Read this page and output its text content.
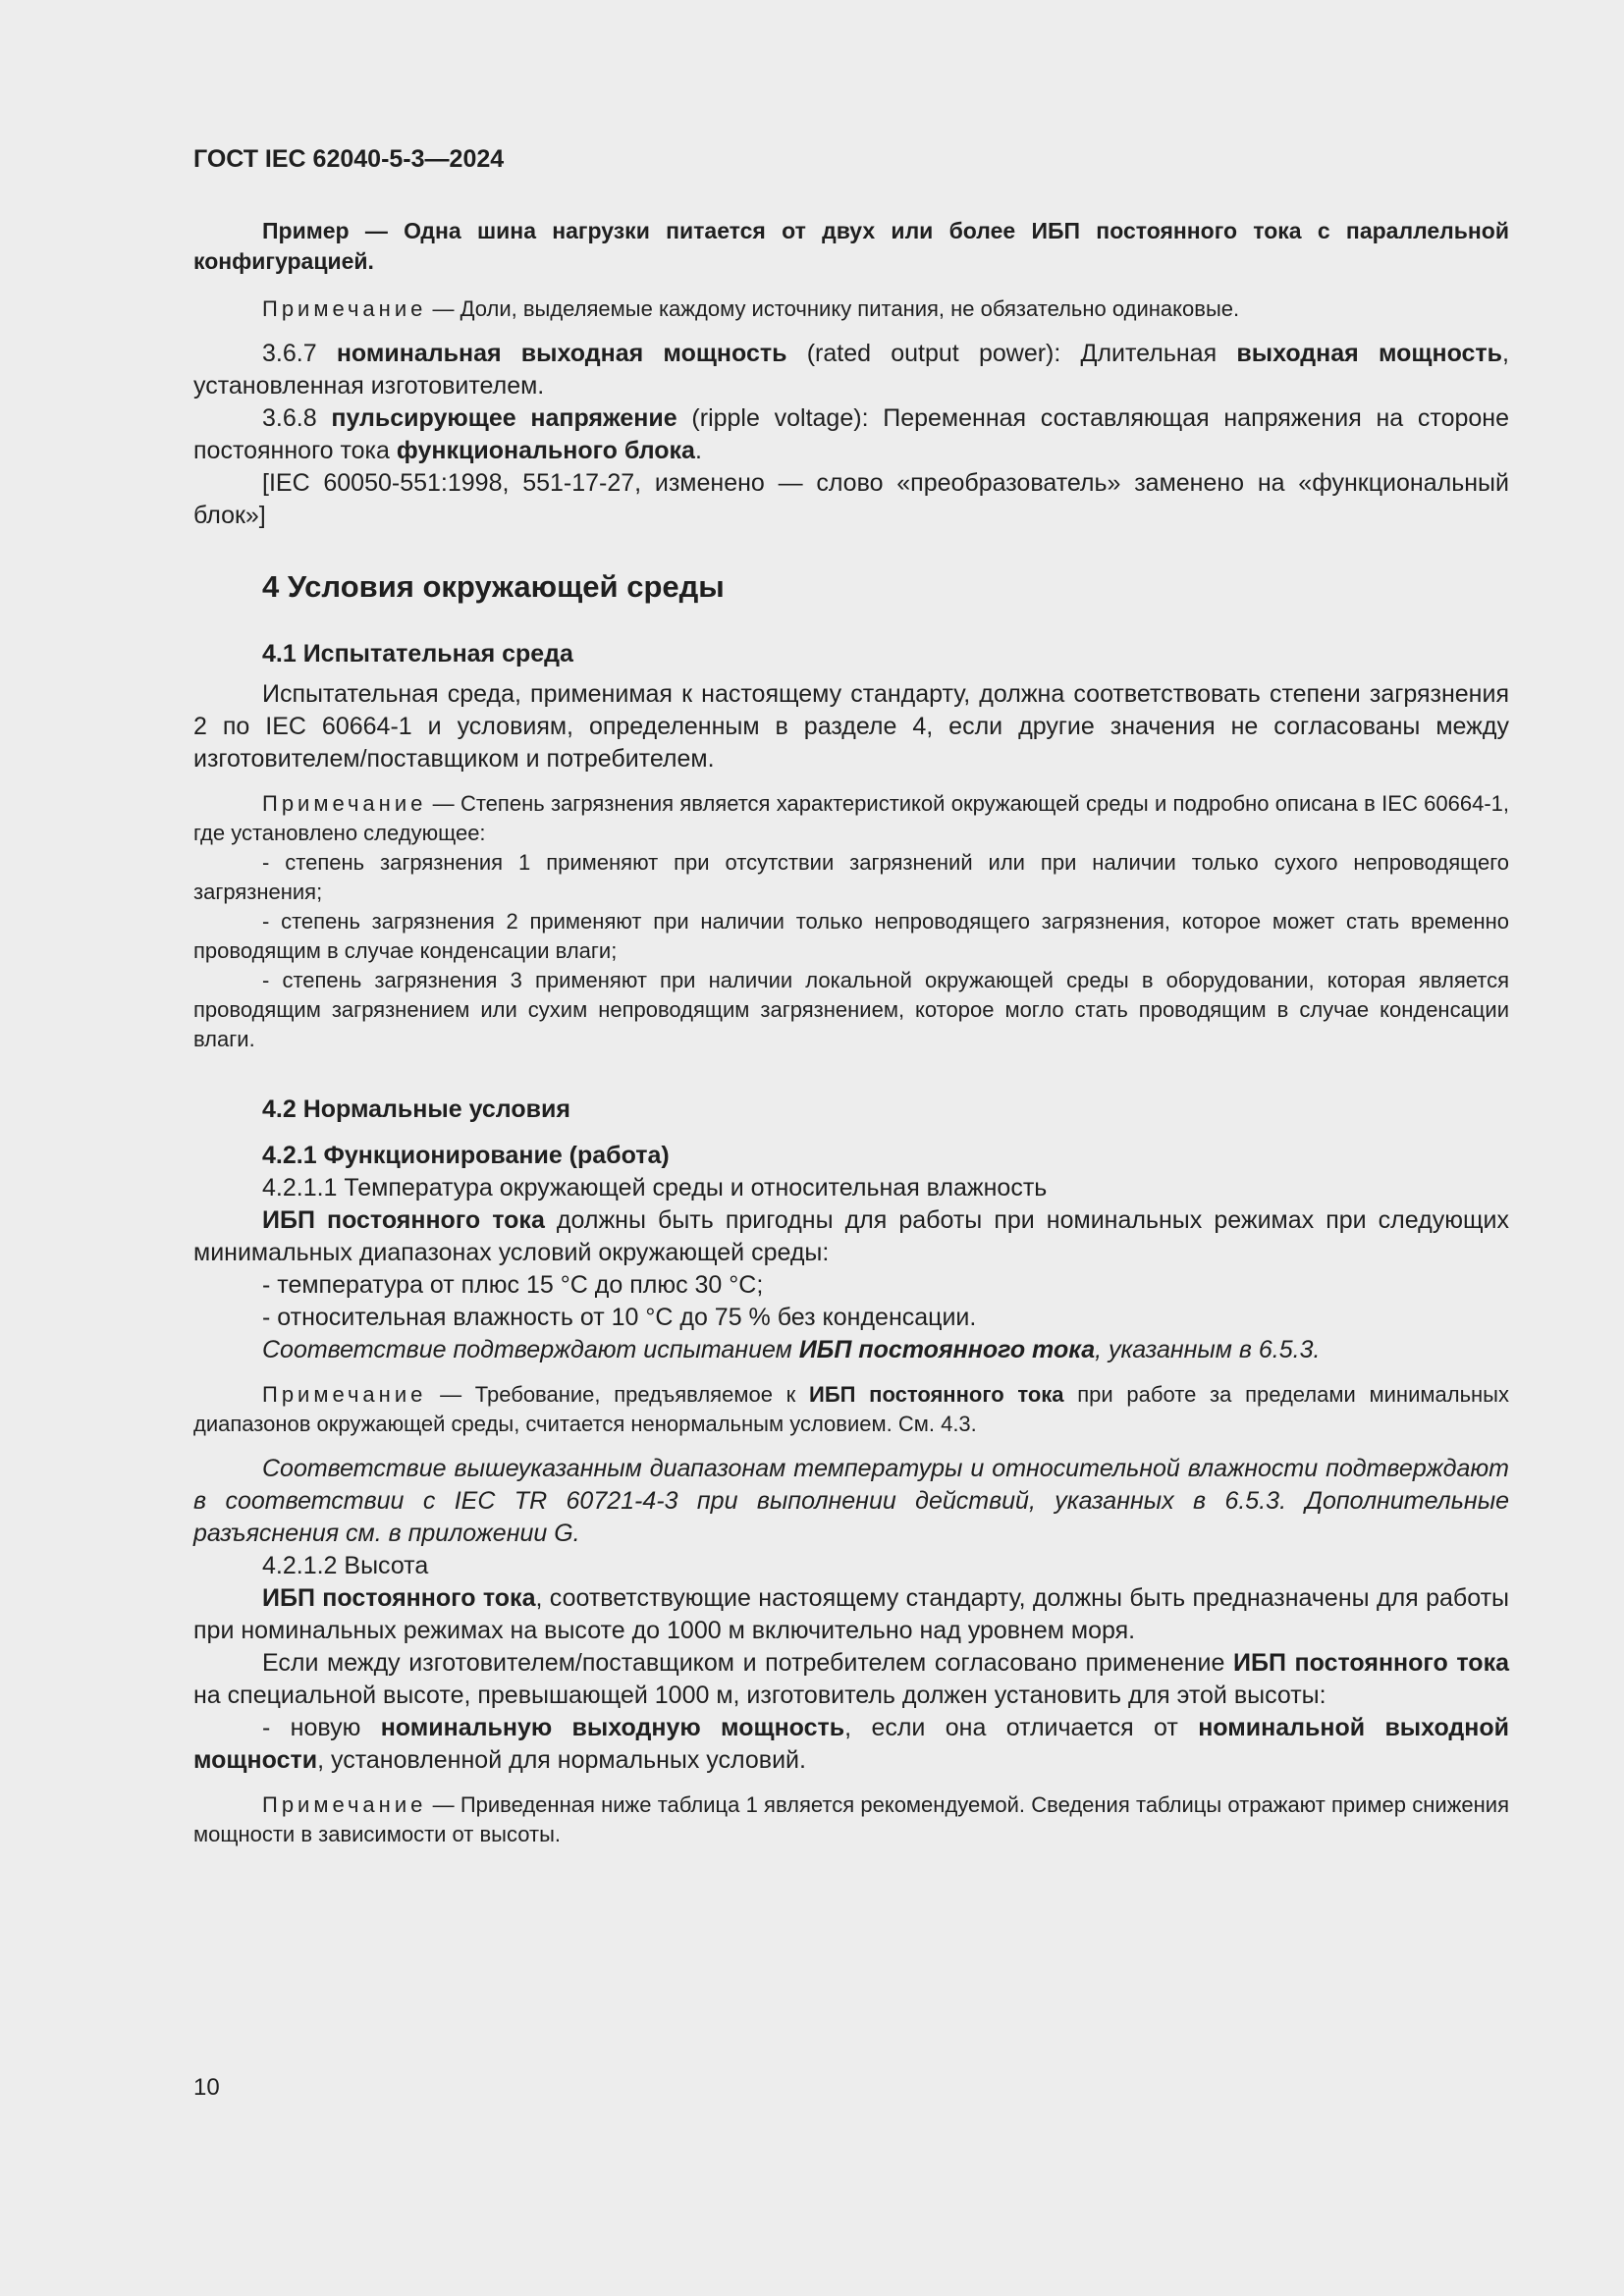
ГОСТ IEC 62040-5-3—2024

Пример — Одна шина нагрузки питается от двух или более ИБП постоянного тока с параллельной конфигурацией.

Примечание — Доли, выделяемые каждому источнику питания, не обязательно одинаковые.

3.6.7 номинальная выходная мощность (rated output power): Длительная выходная мощность, установленная изготовителем.

3.6.8 пульсирующее напряжение (ripple voltage): Переменная составляющая напряжения на стороне постоянного тока функционального блока.

[IEC 60050-551:1998, 551-17-27, изменено — слово «преобразователь» заменено на «функциональный блок»]

4 Условия окружающей среды
4.1 Испытательная среда

Испытательная среда, применимая к настоящему стандарту, должна соответствовать степени загрязнения 2 по IEC 60664-1 и условиям, определенным в разделе 4, если другие значения не согласованы между изготовителем/поставщиком и потребителем.

Примечание — Степень загрязнения является характеристикой окружающей среды и подробно описана в IEC 60664-1, где установлено следующее:

- степень загрязнения 1 применяют при отсутствии загрязнений или при наличии только сухого непроводящего загрязнения;

- степень загрязнения 2 применяют при наличии только непроводящего загрязнения, которое может стать временно проводящим в случае конденсации влаги;

- степень загрязнения 3 применяют при наличии локальной окружающей среды в оборудовании, которая является проводящим загрязнением или сухим непроводящим загрязнением, которое могло стать проводящим в случае конденсации влаги.

4.2 Нормальные условия
4.2.1 Функционирование (работа)

4.2.1.1 Температура окружающей среды и относительная влажность

ИБП постоянного тока должны быть пригодны для работы при номинальных режимах при следующих минимальных диапазонах условий окружающей среды:

- температура от плюс 15 °С до плюс 30 °С;

- относительная влажность от 10 °С до 75 % без конденсации.

Соответствие подтверждают испытанием ИБП постоянного тока, указанным в 6.5.3.

Примечание — Требование, предъявляемое к ИБП постоянного тока при работе за пределами минимальных диапазонов окружающей среды, считается ненормальным условием. См. 4.3.

Соответствие вышеуказанным диапазонам температуры и относительной влажности подтверждают в соответствии с IEC TR 60721-4-3 при выполнении действий, указанных в 6.5.3. Дополнительные разъяснения см. в приложении G.

4.2.1.2 Высота

ИБП постоянного тока, соответствующие настоящему стандарту, должны быть предназначены для работы при номинальных режимах на высоте до 1000 м включительно над уровнем моря.

Если между изготовителем/поставщиком и потребителем согласовано применение ИБП постоянного тока на специальной высоте, превышающей 1000 м, изготовитель должен установить для этой высоты:

- новую номинальную выходную мощность, если она отличается от номинальной выходной мощности, установленной для нормальных условий.

Примечание — Приведенная ниже таблица 1 является рекомендуемой. Сведения таблицы отражают пример снижения мощности в зависимости от высоты.

10
